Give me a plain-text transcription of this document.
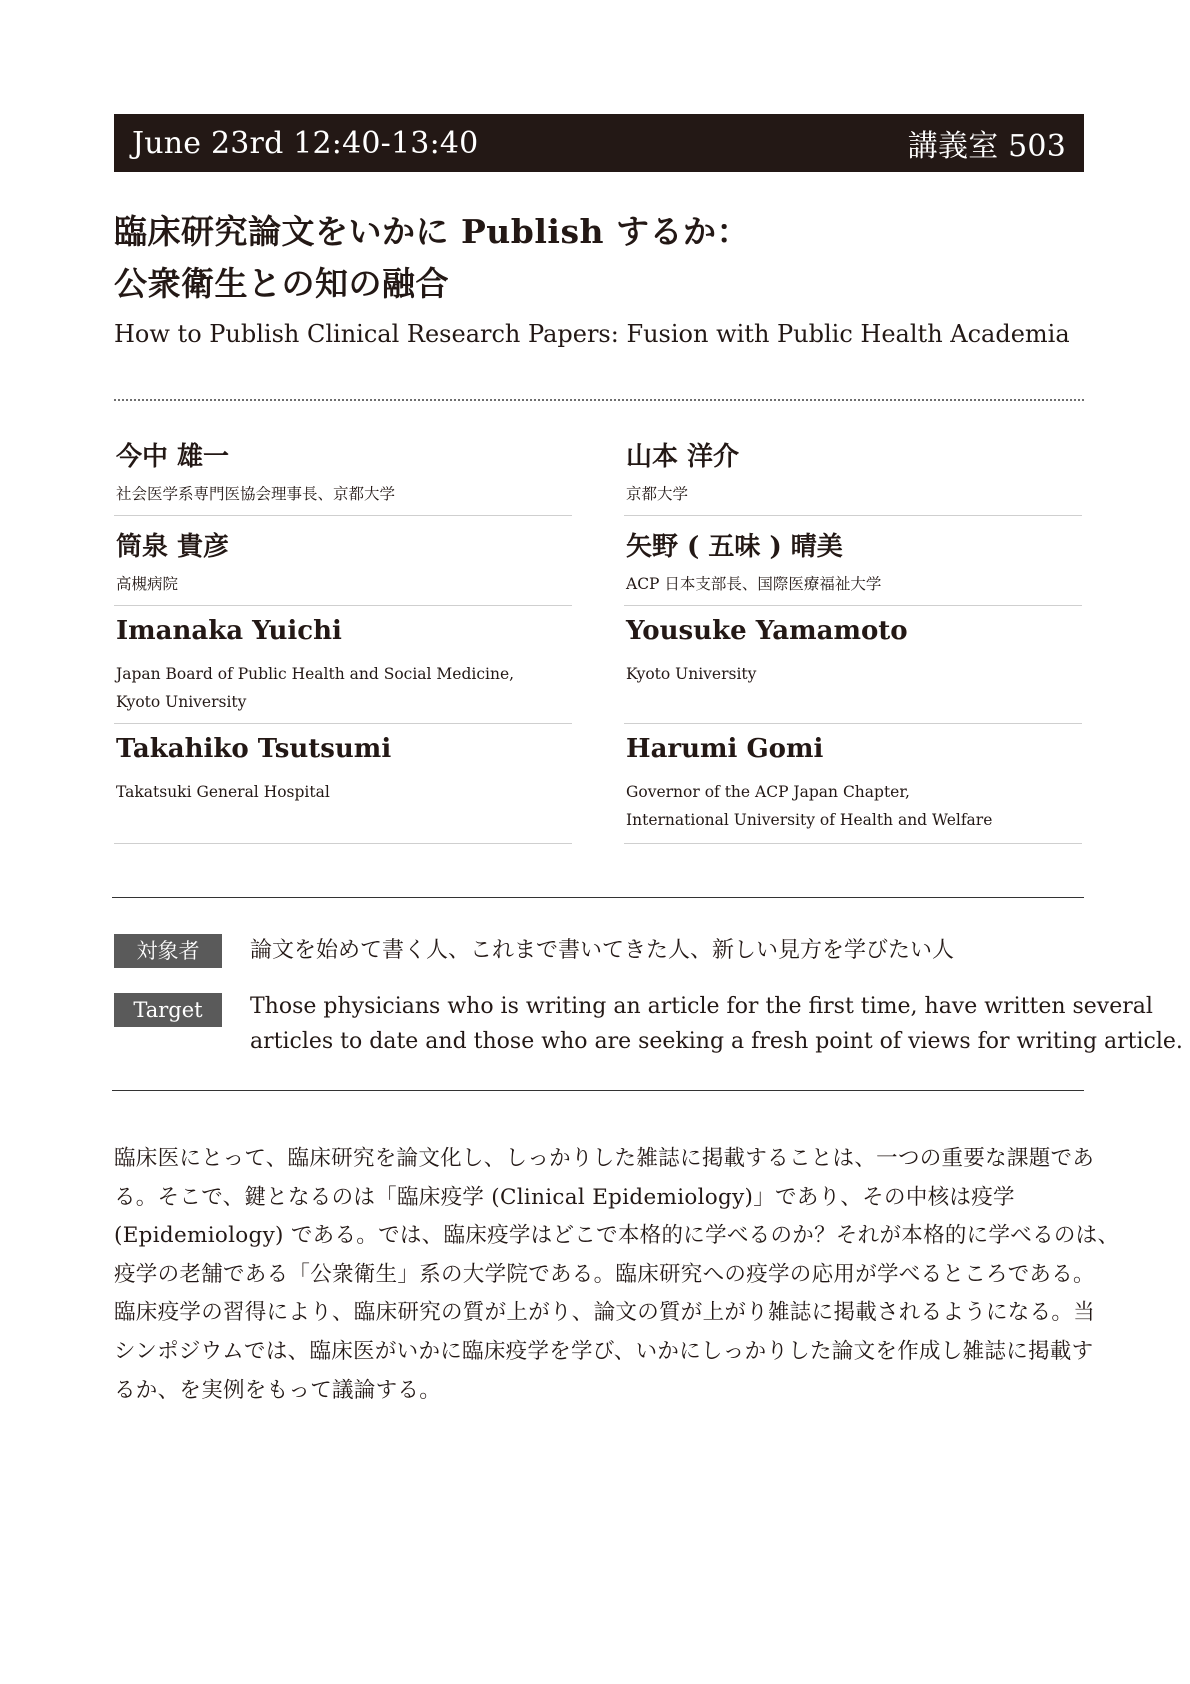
June 23rd 12:40-13:40	講義室 503
臨床研究論文をいかに Publish するか：
公衆衛生との知の融合
How to Publish Clinical Research Papers: Fusion with Public Health Academia
今中 雄一
社会医学系専門医協会理事長、京都大学
筒泉 貴彦
高槻病院
Imanaka Yuichi
Japan Board of Public Health and Social Medicine,
Kyoto University
Takahiko Tsutsumi
Takatsuki General Hospital
山本 洋介
京都大学
矢野 ( 五味 ) 晴美
ACP 日本支部長、国際医療福祉大学
Yousuke Yamamoto
Kyoto University
Harumi Gomi
Governor of the ACP Japan Chapter,
International University of Health and Welfare
対象者	論文を始めて書く人、これまで書いてきた人、新しい見方を学びたい人
Target	Those physicians who is writing an article for the first time, have written several
articles to date and those who are seeking a fresh point of views for writing article.
臨床医にとって、臨床研究を論文化し、しっかりした雑誌に掲載することは、一つの重要な課題であ
る。そこで、鍵となるのは「臨床疫学 (Clinical Epidemiology)」であり、その中核は疫学
(Epidemiology) である。では、臨床疫学はどこで本格的に学べるのか？それが本格的に学べるのは、
疫学の老舗である「公衆衛生」系の大学院である。臨床研究への疫学の応用が学べるところである。
臨床疫学の習得により、臨床研究の質が上がり、論文の質が上がり雑誌に掲載されるようになる。当
シンポジウムでは、臨床医がいかに臨床疫学を学び、いかにしっかりした論文を作成し雑誌に掲載す
るか、を実例をもって議論する。
